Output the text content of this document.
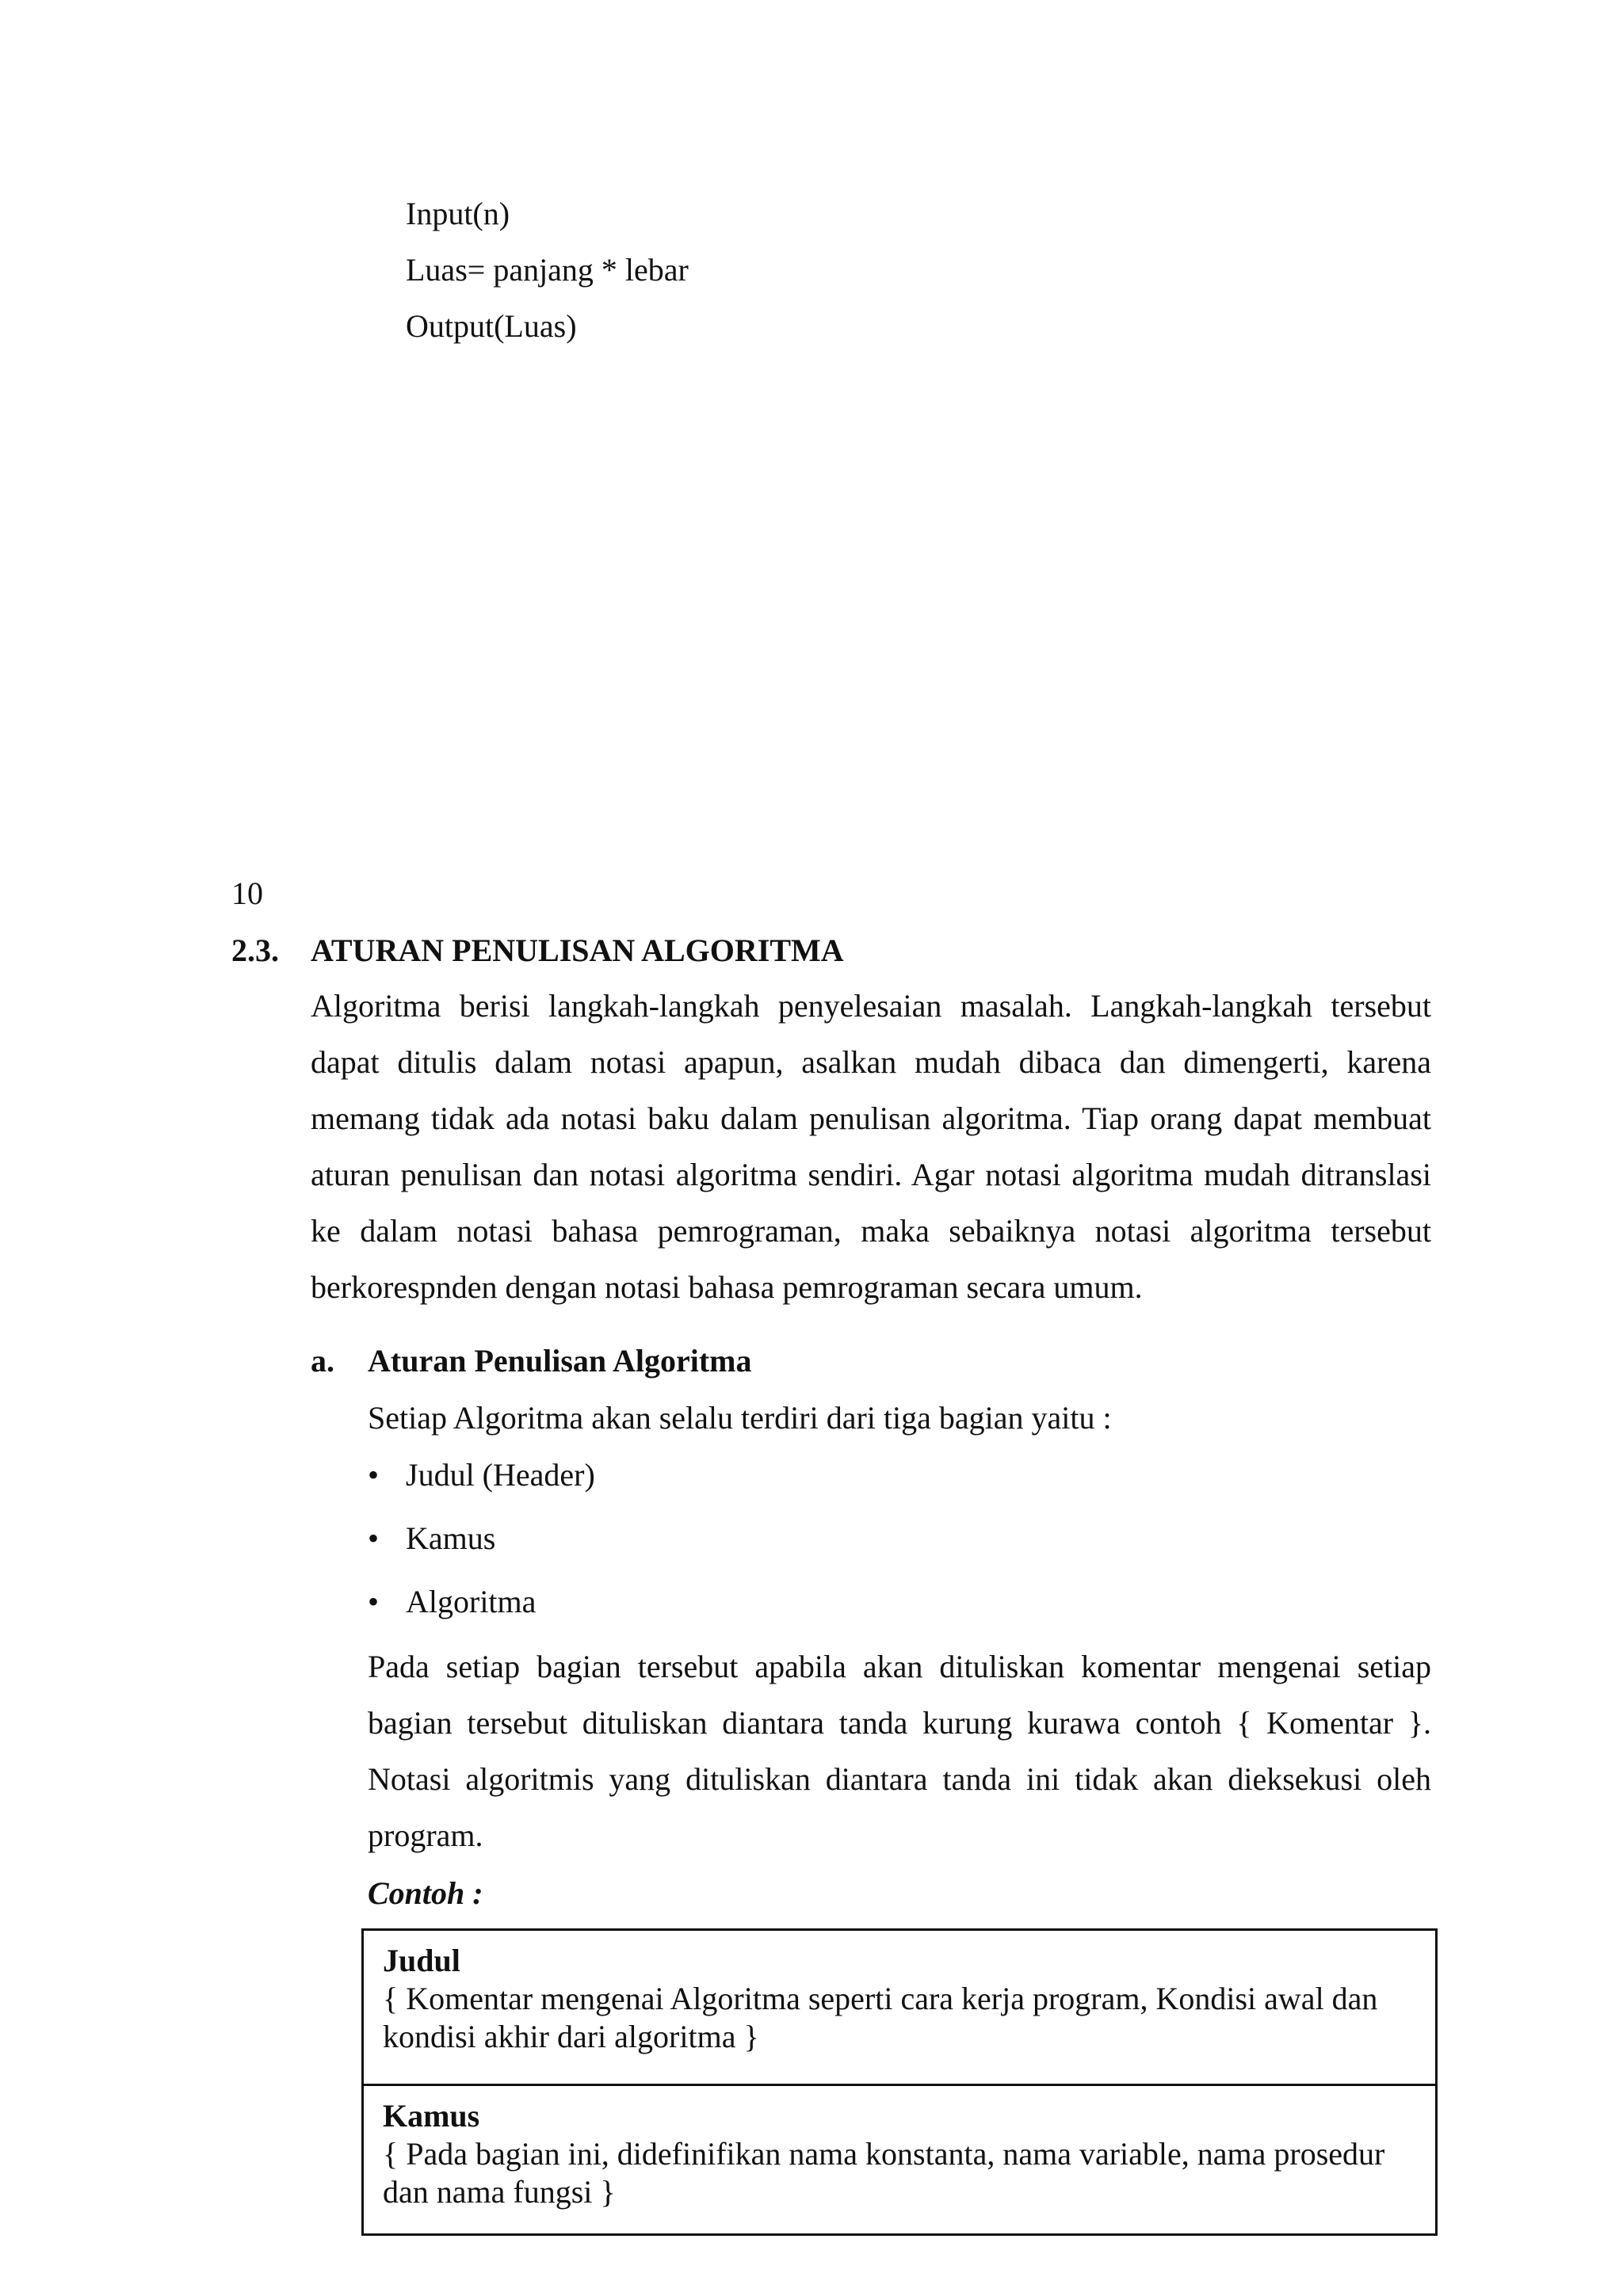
Input(n)
Luas= panjang * lebar
Output(Luas)
10
2.3. ATURAN PENULISAN ALGORITMA
Algoritma berisi langkah-langkah penyelesaian masalah. Langkah-langkah tersebut dapat ditulis dalam notasi apapun, asalkan mudah dibaca dan dimengerti, karena memang tidak ada notasi baku dalam penulisan algoritma. Tiap orang dapat membuat aturan penulisan dan notasi algoritma sendiri. Agar notasi algoritma mudah ditranslasi ke dalam notasi bahasa pemrograman, maka sebaiknya notasi algoritma tersebut berkorespnden dengan notasi bahasa pemrograman secara umum.
a. Aturan Penulisan Algoritma
Setiap Algoritma akan selalu terdiri dari tiga bagian yaitu :
• Judul (Header)
• Kamus
• Algoritma
Pada setiap bagian tersebut apabila akan dituliskan komentar mengenai setiap bagian tersebut dituliskan diantara tanda kurung kurawa contoh { Komentar }. Notasi algoritmis yang dituliskan diantara tanda ini tidak akan dieksekusi oleh program.
Contoh :
Judul
{ Komentar mengenai Algoritma seperti cara kerja program, Kondisi awal dan kondisi akhir dari algoritma }
Kamus
{ Pada bagian ini, didefinifikan nama konstanta, nama variable, nama prosedur dan nama fungsi }
